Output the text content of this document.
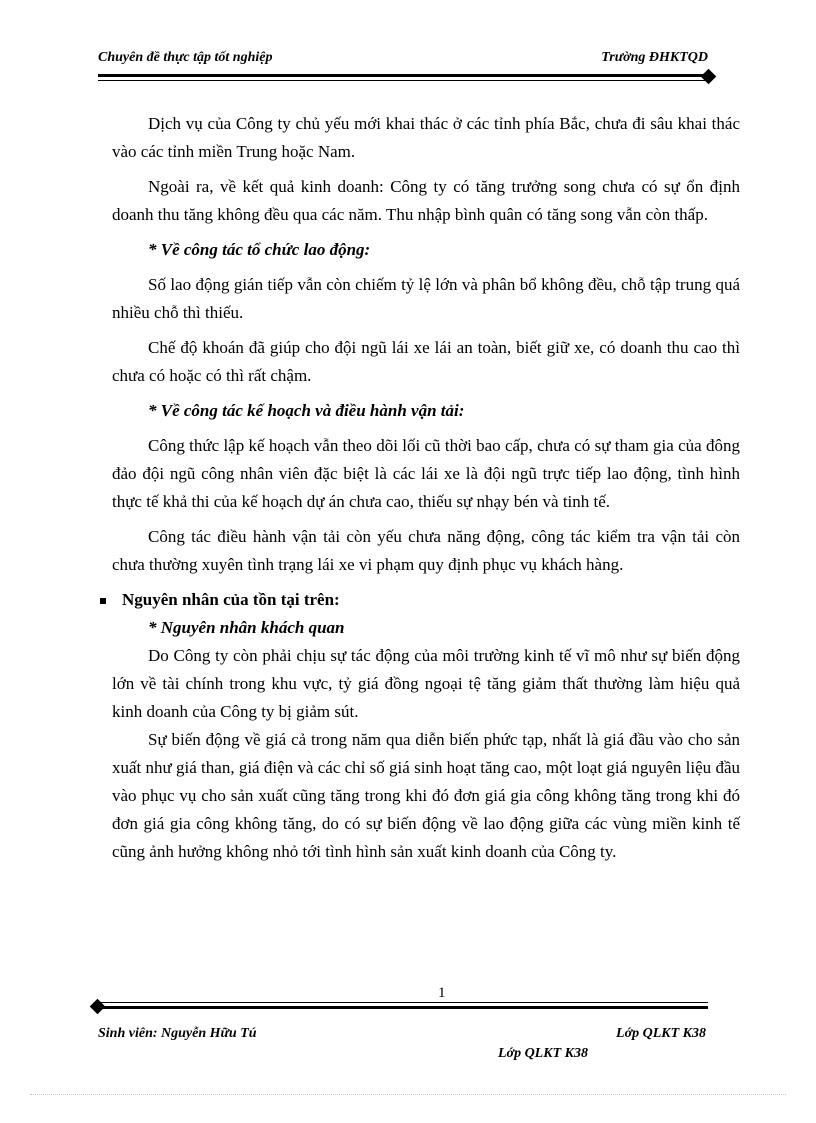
Chuyên đề thực tập tốt nghiệp	Trường ĐHKTQD

Dịch vụ của Công ty chủ yếu mới khai thác ở các tỉnh phía Bắc, chưa đi sâu khai thác vào các tỉnh miền Trung hoặc Nam.

Ngoài ra, về kết quả kinh doanh: Công ty có tăng trưởng song chưa có sự ổn định doanh thu tăng không đều qua các năm. Thu nhập bình quân có tăng song vẫn còn thấp.

* Về công tác tổ chức lao động:

Số lao động gián tiếp vẫn còn chiếm tỷ lệ lớn và phân bổ không đều, chỗ tập trung quá nhiều chỗ thì thiếu.

Chế độ khoán đã giúp cho đội ngũ lái xe lái an toàn, biết giữ xe, có doanh thu cao thì chưa có hoặc có thì rất chậm.

* Về công tác kế hoạch và điều hành vận tải:

Công thức lập kế hoạch vẫn theo dõi lối cũ thời bao cấp, chưa có sự tham gia của đông đảo đội ngũ công nhân viên đặc biệt là các lái xe là đội ngũ trực tiếp lao động, tình hình thực tế khả thi của kế hoạch dự án chưa cao, thiếu sự nhạy bén và tinh tế.

Công tác điều hành vận tải còn yếu chưa năng động, công tác kiểm tra vận tải còn chưa thường xuyên tình trạng lái xe vi phạm quy định phục vụ khách hàng.

Nguyên nhân của tồn tại trên:

* Nguyên nhân khách quan

Do Công ty còn phải chịu sự tác động của môi trường kinh tế vĩ mô như sự biến động lớn về tài chính trong khu vực, tỷ giá đồng ngoại tệ tăng giảm thất thường làm hiệu quả kinh doanh của Công ty bị giảm sút.

Sự biến động về giá cả trong năm qua diễn biến phức tạp, nhất là giá đầu vào cho sản xuất như giá than, giá điện và các chỉ số giá sinh hoạt tăng cao, một loạt giá nguyên liệu đầu vào phục vụ cho sản xuất cũng tăng trong khi đó đơn giá gia công không tăng trong khi đó đơn giá gia công không tăng, do có sự biến động về lao động giữa các vùng miền kinh tế cũng ảnh hưởng không nhỏ tới tình hình sản xuất kinh doanh của Công ty.

1
Sinh viên: Nguyễn Hữu Tú	Lớp QLKT K38
Lớp QLKT K38
